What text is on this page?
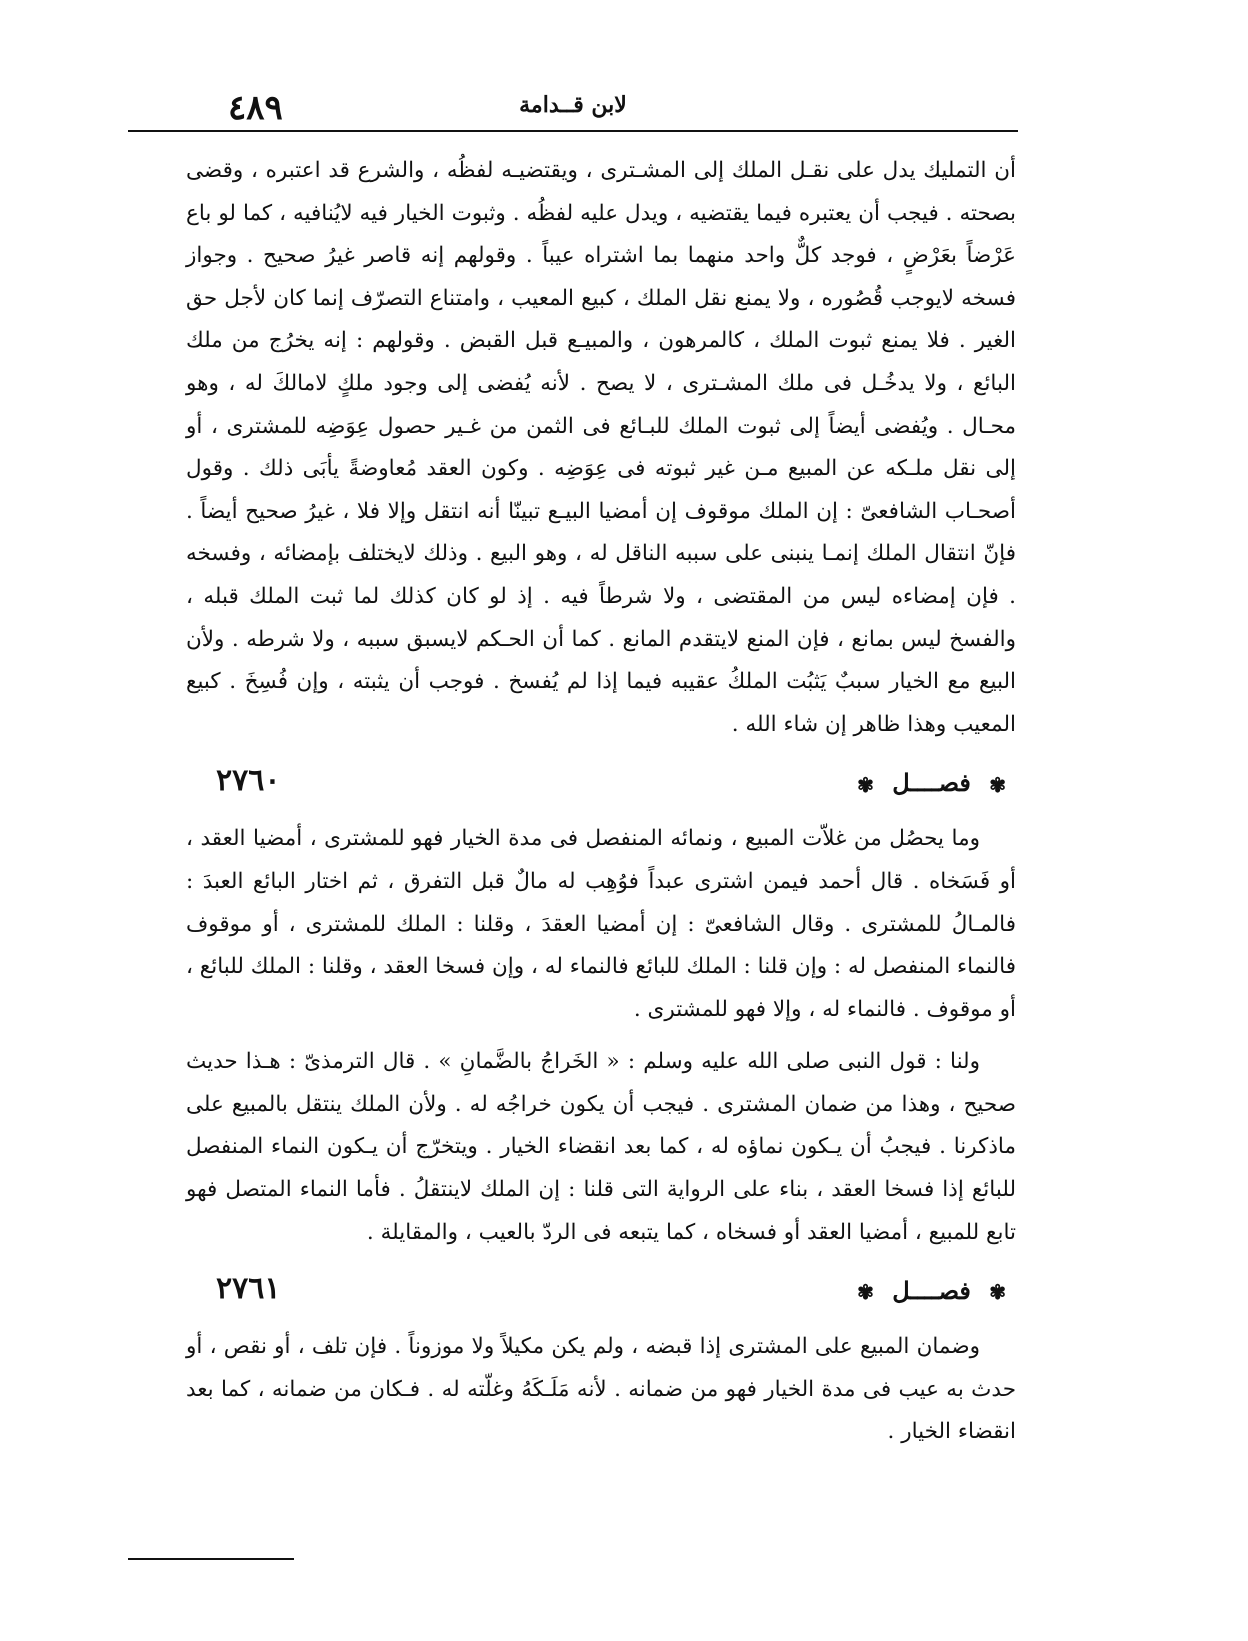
٤٨٩	لابن قــدامة

أن التمليك يدل على نقـل الملك إلى المشـترى ، ويقتضيـه لفظُه ، والشرع قد اعتبره ، وقضى بصحته . فيجب أن يعتبره فيما يقتضيه ، ويدل عليه لفظُه . وثبوت الخيار فيه لايُنافيه ، كما لو باع عَرْضاً بعَرْضٍ ، فوجد كلٌّ واحد منهما بما اشتراه عيباً . وقولهم إنه قاصر غيرُ صحيح . وجواز فسخه لايوجب قُصُوره ، ولا يمنع نقل الملك ، كبيع المعيب ، وامتناع التصرّف إنما كان لأجل حق الغير . فلا يمنع ثبوت الملك ، كالمرهون ، والمبيـع قبل القبض . وقولهم : إنه يخرُج من ملك البائع ، ولا يدخُـل فى ملك المشـترى ، لا يصح . لأنه يُفضى إلى وجود ملكٍ لامالكَ له ، وهو محـال . ويُفضى أيضاً إلى ثبوت الملك للبـائع فى الثمن من غـير حصول عِوَضِه للمشترى ، أو إلى نقل ملـكه عن المبيع مـن غير ثبوته فى عِوَضِه . وكون العقد مُعاوضةً يأبَى ذلك . وقول أصحـاب الشافعىّ : إن الملك موقوف إن أمضيا البيـع تبينّا أنه انتقل وإلا فلا ، غيرُ صحيح أيضاً . فإنّ انتقال الملك إنمـا ينبنى على سببه الناقل له ، وهو البيع . وذلك لايختلف بإمضائه ، وفسخه . فإن إمضاءه ليس من المقتضى ، ولا شرطاً فيه . إذ لو كان كذلك لما ثبت الملك قبله ، والفسخ ليس بمانع ، فإن المنع لايتقدم المانع . كما أن الحـكم لايسبق سببه ، ولا شرطه . ولأن البيع مع الخيار سببٌ يَثبُت الملكُ عقيبه فيما إذا لم يُفسخ . فوجب أن يثبته ، وإن فُسِخَ . كبيع المعيب وهذا ظاهر إن شاء الله .

٢٧٦٠	✾ فصــــل ✾

وما يحصُل من غلاّت المبيع ، ونمائه المنفصل فى مدة الخيار فهو للمشترى ، أمضيا العقد ، أو فَسَخاه . قال أحمد فيمن اشترى عبداً فوُهِب له مالٌ قبل التفرق ، ثم اختار البائع العبدَ : فالمـالُ للمشترى . وقال الشافعىّ : إن أمضيا العقدَ ، وقلنا : الملك للمشترى ، أو موقوف فالنماء المنفصل له : وإن قلنا : الملك للبائع فالنماء له ، وإن فسخا العقد ، وقلنا : الملك للبائع ، أو موقوف . فالنماء له ، وإلا فهو للمشترى .

ولنا : قول النبى صلى الله عليه وسلم : « الخَراجُ بالضَّمانِ » . قال الترمذىّ : هـذا حديث صحيح ، وهذا من ضمان المشترى . فيجب أن يكون خراجُه له . ولأن الملك ينتقل بالمبيع على ماذكرنا . فيجبُ أن يـكون نماؤه له ، كما بعد انقضاء الخيار . ويتخرّج أن يـكون النماء المنفصل للبائع إذا فسخا العقد ، بناء على الرواية التى قلنا : إن الملك لاينتقلُ . فأما النماء المتصل فهو تابع للمبيع ، أمضيا العقد أو فسخاه ، كما يتبعه فى الردّ بالعيب ، والمقايلة .

٢٧٦١	✾ فصــــل ✾

وضمان المبيع على المشترى إذا قبضه ، ولم يكن مكيلاً ولا موزوناً . فإن تلف ، أو نقص ، أو حدث به عيب فى مدة الخيار فهو من ضمانه . لأنه مَلَـكَهُ وغلّته له . فـكان من ضمانه ، كما بعد انقضاء الخيار .
